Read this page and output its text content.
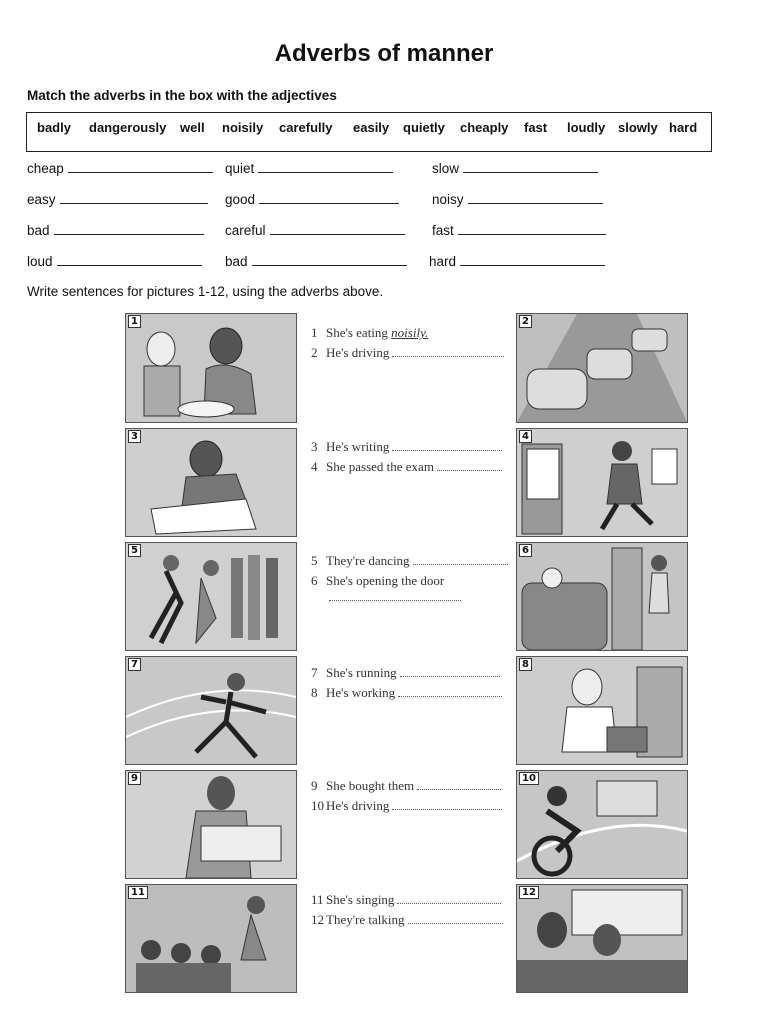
Adverbs of manner
Match the adverbs in the box with the adjectives
badly dangerously well noisily carefully easily quietly cheaply fast loudly slowly hard
cheap	quiet	slow
easy	good	noisy
bad	careful	fast
loud	bad	hard
Write sentences for pictures 1-12, using the adverbs above.
1
3
5
7
9
11
2
4
6
8
10
12
1 She's eating noisily.
2 He's driving
3 He's writing
4 She passed the exam
5 They're dancing
6 She's opening the door
7 She's running
8 He's working
9 She bought them
10 He's driving
11 She's singing
12 They're talking
